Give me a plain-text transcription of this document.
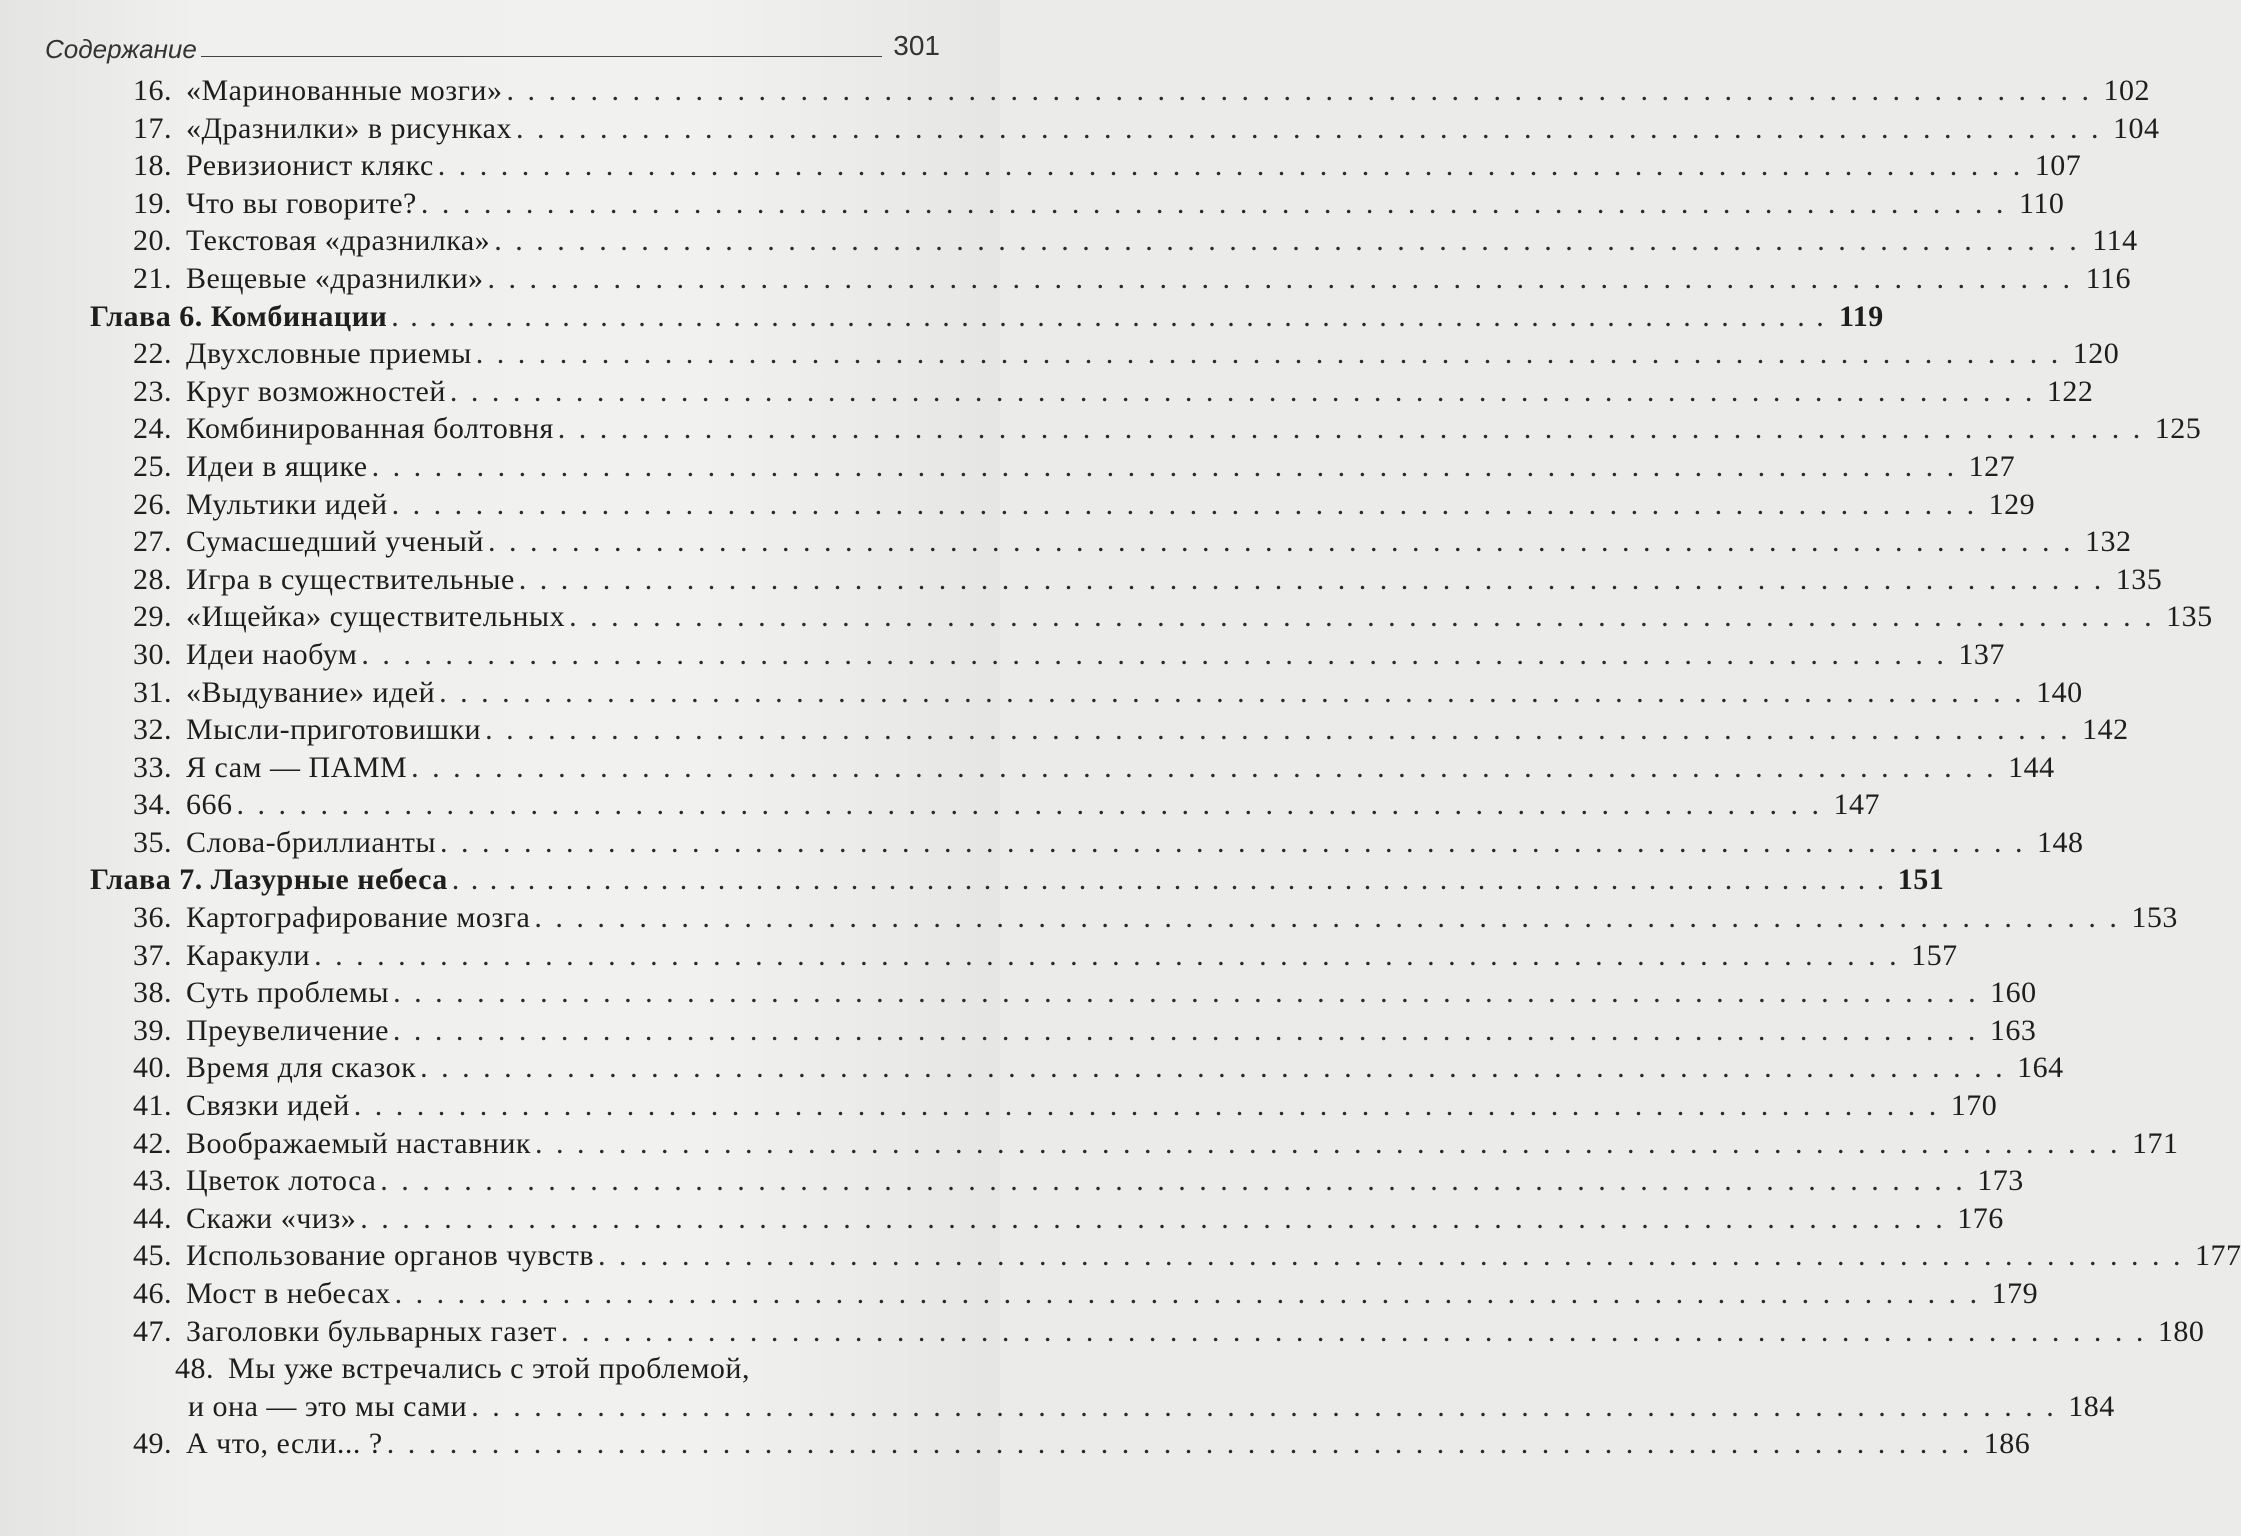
Содержание	301
16. «Маринованные мозги» . . . . . . . . . . . . . . . . . . . . . . . . . . . . . . . . . . . . . . . . . . . . . . . . . . . . . . . . . . . . . . . . . . . . . . . . . . . . 102
17. «Дразнилки» в рисунках . . . . . . . . . . . . . . . . . . . . . . . . . . . . . . . . . . . . . . . . . . . . . . . . . . . . . . . . . . . . . . . . . . . . . . . . . . . . 104
18. Ревизионист клякс . . . . . . . . . . . . . . . . . . . . . . . . . . . . . . . . . . . . . . . . . . . . . . . . . . . . . . . . . . . . . . . . . . . . . . . . . . . . 107
19. Что вы говорите? . . . . . . . . . . . . . . . . . . . . . . . . . . . . . . . . . . . . . . . . . . . . . . . . . . . . . . . . . . . . . . . . . . . . . . . . . . . . 110
20. Текстовая «дразнилка» . . . . . . . . . . . . . . . . . . . . . . . . . . . . . . . . . . . . . . . . . . . . . . . . . . . . . . . . . . . . . . . . . . . . . . . . . . . . 114
21. Вещевые «дразнилки» . . . . . . . . . . . . . . . . . . . . . . . . . . . . . . . . . . . . . . . . . . . . . . . . . . . . . . . . . . . . . . . . . . . . . . . . . . . . 116
Глава 6. Комбинации . . . . . . . . . . . . . . . . . . . . . . . . . . . . . . . . . . . . . . . . . . . . . . . . . . . . . . . . . . . . . . . . . . . . . . . . . . . . 119
22. Двухсловные приемы . . . . . . . . . . . . . . . . . . . . . . . . . . . . . . . . . . . . . . . . . . . . . . . . . . . . . . . . . . . . . . . . . . . . . . . . . . . . 120
23. Круг возможностей . . . . . . . . . . . . . . . . . . . . . . . . . . . . . . . . . . . . . . . . . . . . . . . . . . . . . . . . . . . . . . . . . . . . . . . . . . . . 122
24. Комбинированная болтовня . . . . . . . . . . . . . . . . . . . . . . . . . . . . . . . . . . . . . . . . . . . . . . . . . . . . . . . . . . . . . . . . . . . . . . . . . . . . 125
25. Идеи в ящике . . . . . . . . . . . . . . . . . . . . . . . . . . . . . . . . . . . . . . . . . . . . . . . . . . . . . . . . . . . . . . . . . . . . . . . . . . . . 127
26. Мультики идей . . . . . . . . . . . . . . . . . . . . . . . . . . . . . . . . . . . . . . . . . . . . . . . . . . . . . . . . . . . . . . . . . . . . . . . . . . . . 129
27. Сумасшедший ученый . . . . . . . . . . . . . . . . . . . . . . . . . . . . . . . . . . . . . . . . . . . . . . . . . . . . . . . . . . . . . . . . . . . . . . . . . . . . 132
28. Игра в существительные . . . . . . . . . . . . . . . . . . . . . . . . . . . . . . . . . . . . . . . . . . . . . . . . . . . . . . . . . . . . . . . . . . . . . . . . . . . . 135
29. «Ищейка» существительных . . . . . . . . . . . . . . . . . . . . . . . . . . . . . . . . . . . . . . . . . . . . . . . . . . . . . . . . . . . . . . . . . . . . . . . . . . . . 135
30. Идеи наобум . . . . . . . . . . . . . . . . . . . . . . . . . . . . . . . . . . . . . . . . . . . . . . . . . . . . . . . . . . . . . . . . . . . . . . . . . . . . 137
31. «Выдувание» идей . . . . . . . . . . . . . . . . . . . . . . . . . . . . . . . . . . . . . . . . . . . . . . . . . . . . . . . . . . . . . . . . . . . . . . . . . . . . 140
32. Мысли-приготовишки . . . . . . . . . . . . . . . . . . . . . . . . . . . . . . . . . . . . . . . . . . . . . . . . . . . . . . . . . . . . . . . . . . . . . . . . . . . . 142
33. Я сам — ПАММ . . . . . . . . . . . . . . . . . . . . . . . . . . . . . . . . . . . . . . . . . . . . . . . . . . . . . . . . . . . . . . . . . . . . . . . . . . . . 144
34. 666 . . . . . . . . . . . . . . . . . . . . . . . . . . . . . . . . . . . . . . . . . . . . . . . . . . . . . . . . . . . . . . . . . . . . . . . . . . . . 147
35. Слова-бриллианты . . . . . . . . . . . . . . . . . . . . . . . . . . . . . . . . . . . . . . . . . . . . . . . . . . . . . . . . . . . . . . . . . . . . . . . . . . . . 148
Глава 7. Лазурные небеса . . . . . . . . . . . . . . . . . . . . . . . . . . . . . . . . . . . . . . . . . . . . . . . . . . . . . . . . . . . . . . . . . . . . . . . . . . . . 151
36. Картографирование мозга . . . . . . . . . . . . . . . . . . . . . . . . . . . . . . . . . . . . . . . . . . . . . . . . . . . . . . . . . . . . . . . . . . . . . . . . . . . . 153
37. Каракули . . . . . . . . . . . . . . . . . . . . . . . . . . . . . . . . . . . . . . . . . . . . . . . . . . . . . . . . . . . . . . . . . . . . . . . . . . . . 157
38. Суть проблемы . . . . . . . . . . . . . . . . . . . . . . . . . . . . . . . . . . . . . . . . . . . . . . . . . . . . . . . . . . . . . . . . . . . . . . . . . . . . 160
39. Преувеличение . . . . . . . . . . . . . . . . . . . . . . . . . . . . . . . . . . . . . . . . . . . . . . . . . . . . . . . . . . . . . . . . . . . . . . . . . . . . 163
40. Время для сказок . . . . . . . . . . . . . . . . . . . . . . . . . . . . . . . . . . . . . . . . . . . . . . . . . . . . . . . . . . . . . . . . . . . . . . . . . . . . 164
41. Связки идей . . . . . . . . . . . . . . . . . . . . . . . . . . . . . . . . . . . . . . . . . . . . . . . . . . . . . . . . . . . . . . . . . . . . . . . . . . . . 170
42. Воображаемый наставник . . . . . . . . . . . . . . . . . . . . . . . . . . . . . . . . . . . . . . . . . . . . . . . . . . . . . . . . . . . . . . . . . . . . . . . . . . . . 171
43. Цветок лотоса . . . . . . . . . . . . . . . . . . . . . . . . . . . . . . . . . . . . . . . . . . . . . . . . . . . . . . . . . . . . . . . . . . . . . . . . . . . . 173
44. Скажи «чиз» . . . . . . . . . . . . . . . . . . . . . . . . . . . . . . . . . . . . . . . . . . . . . . . . . . . . . . . . . . . . . . . . . . . . . . . . . . . . 176
45. Использование органов чувств . . . . . . . . . . . . . . . . . . . . . . . . . . . . . . . . . . . . . . . . . . . . . . . . . . . . . . . . . . . . . . . . . . . . . . . . . . . . 177
46. Мост в небесах . . . . . . . . . . . . . . . . . . . . . . . . . . . . . . . . . . . . . . . . . . . . . . . . . . . . . . . . . . . . . . . . . . . . . . . . . . . . 179
47. Заголовки бульварных газет . . . . . . . . . . . . . . . . . . . . . . . . . . . . . . . . . . . . . . . . . . . . . . . . . . . . . . . . . . . . . . . . . . . . . . . . . . . . 180
48. Мы уже встречались с этой проблемой,
и она — это мы сами . . . . . . . . . . . . . . . . . . . . . . . . . . . . . . . . . . . . . . . . . . . . . . . . . . . . . . . . . . . . . . . . . . . . . . . . . . . . 184
49. А что, если... ? . . . . . . . . . . . . . . . . . . . . . . . . . . . . . . . . . . . . . . . . . . . . . . . . . . . . . . . . . . . . . . . . . . . . . . . . . . . . 186
